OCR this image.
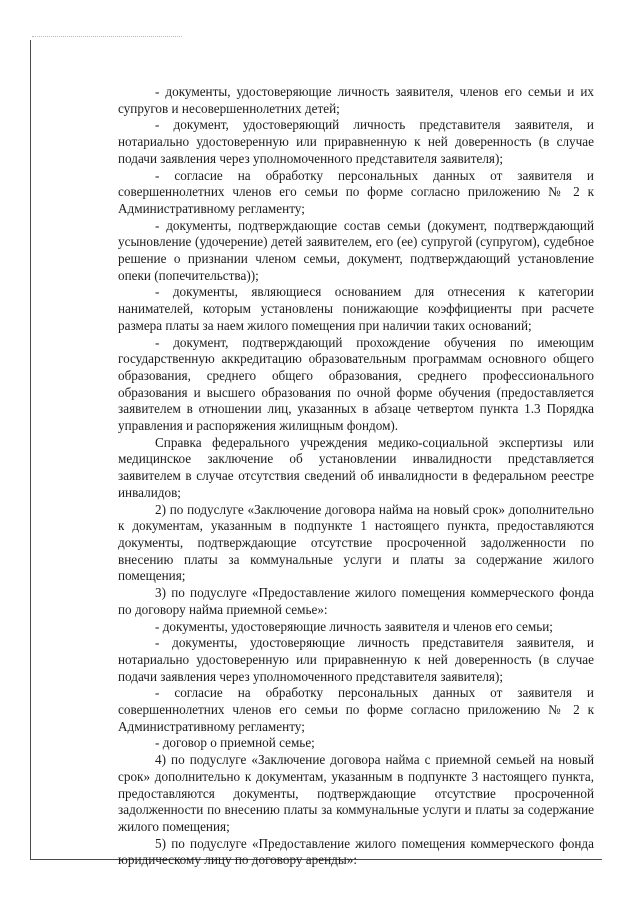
- документы, удостоверяющие личность заявителя, членов его семьи и их супругов и несовершеннолетних детей;

- документ, удостоверяющий личность представителя заявителя, и нотариально удостоверенную или приравненную к ней доверенность (в случае подачи заявления через уполномоченного представителя заявителя);

- согласие на обработку персональных данных от заявителя и совершеннолетних членов его семьи по форме согласно приложению № 2 к Административному регламенту;

- документы, подтверждающие состав семьи (документ, подтверждающий усыновление (удочерение) детей заявителем, его (ее) супругой (супругом), судебное решение о признании членом семьи, документ, подтверждающий установление опеки (попечительства));

- документы, являющиеся основанием для отнесения к категории нанимателей, которым установлены понижающие коэффициенты при расчете размера платы за наем жилого помещения при наличии таких оснований;

- документ, подтверждающий прохождение обучения по имеющим государственную аккредитацию образовательным программам основного общего образования, среднего общего образования, среднего профессионального образования и высшего образования по очной форме обучения (предоставляется заявителем в отношении лиц, указанных в абзаце четвертом пункта 1.3 Порядка управления и распоряжения жилищным фондом).

Справка федерального учреждения медико-социальной экспертизы или медицинское заключение об установлении инвалидности представляется заявителем в случае отсутствия сведений об инвалидности в федеральном реестре инвалидов;

2) по подуслуге «Заключение договора найма на новый срок» дополнительно к документам, указанным в подпункте 1 настоящего пункта, предоставляются документы, подтверждающие отсутствие просроченной задолженности по внесению платы за коммунальные услуги и платы за содержание жилого помещения;

3) по подуслуге «Предоставление жилого помещения коммерческого фонда по договору найма приемной семье»:

- документы, удостоверяющие личность заявителя и членов его семьи;

- документы, удостоверяющие личность представителя заявителя, и нотариально удостоверенную или приравненную к ней доверенность (в случае подачи заявления через уполномоченного представителя заявителя);

- согласие на обработку персональных данных от заявителя и совершеннолетних членов его семьи по форме согласно приложению № 2 к Административному регламенту;

- договор о приемной семье;

4) по подуслуге «Заключение договора найма с приемной семьей на новый срок» дополнительно к документам, указанным в подпункте 3 настоящего пункта, предоставляются документы, подтверждающие отсутствие просроченной задолженности по внесению платы за коммунальные услуги и платы за содержание жилого помещения;

5) по подуслуге «Предоставление жилого помещения коммерческого фонда юридическому лицу по договору аренды»:
